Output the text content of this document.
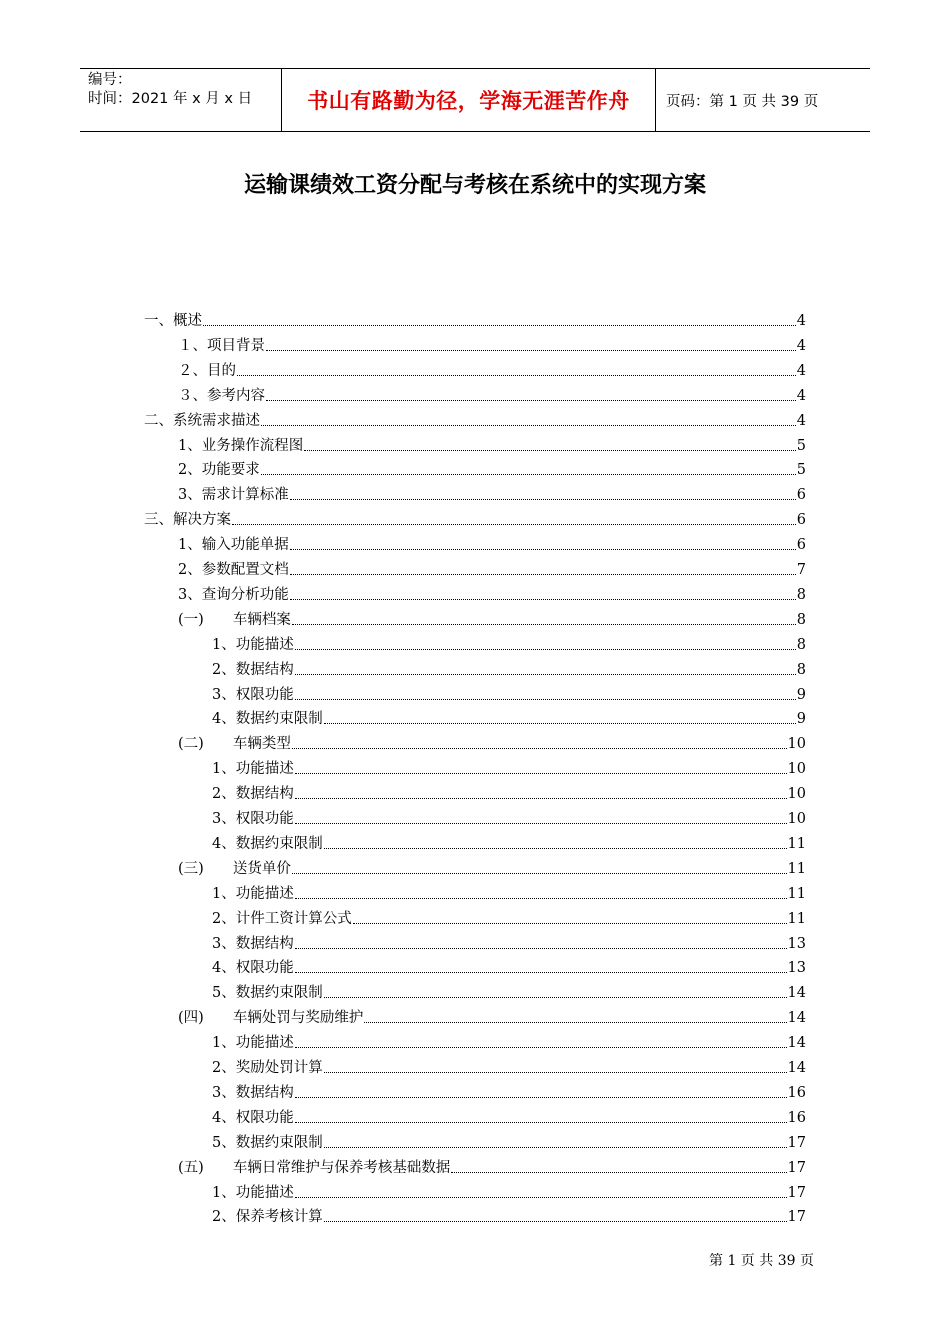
编号：
时间：2021 年 x 月 x 日	书山有路勤为径，学海无涯苦作舟	页码：第 1 页 共 39 页
运输课绩效工资分配与考核在系统中的实现方案
一、概述	4
１、项目背景	4
２、目的	4
３、参考内容	4
二、系统需求描述	4
1、业务操作流程图	5
2、功能要求	5
3、需求计算标准	6
三、解决方案	6
1、输入功能单据	6
2、参数配置文档	7
3、查询分析功能	8
(一)　　车辆档案	8
1、功能描述	8
2、数据结构	8
3、权限功能	9
4、数据约束限制	9
(二)　　车辆类型	10
1、功能描述	10
2、数据结构	10
3、权限功能	10
4、数据约束限制	11
(三)　　送货单价	11
1、功能描述	11
2、计件工资计算公式	11
3、数据结构	13
4、权限功能	13
5、数据约束限制	14
(四)　　车辆处罚与奖励维护	14
1、功能描述	14
2、奖励处罚计算	14
3、数据结构	16
4、权限功能	16
5、数据约束限制	17
(五)　　车辆日常维护与保养考核基础数据	17
1、功能描述	17
2、保养考核计算	17
第 1 页 共 39 页
